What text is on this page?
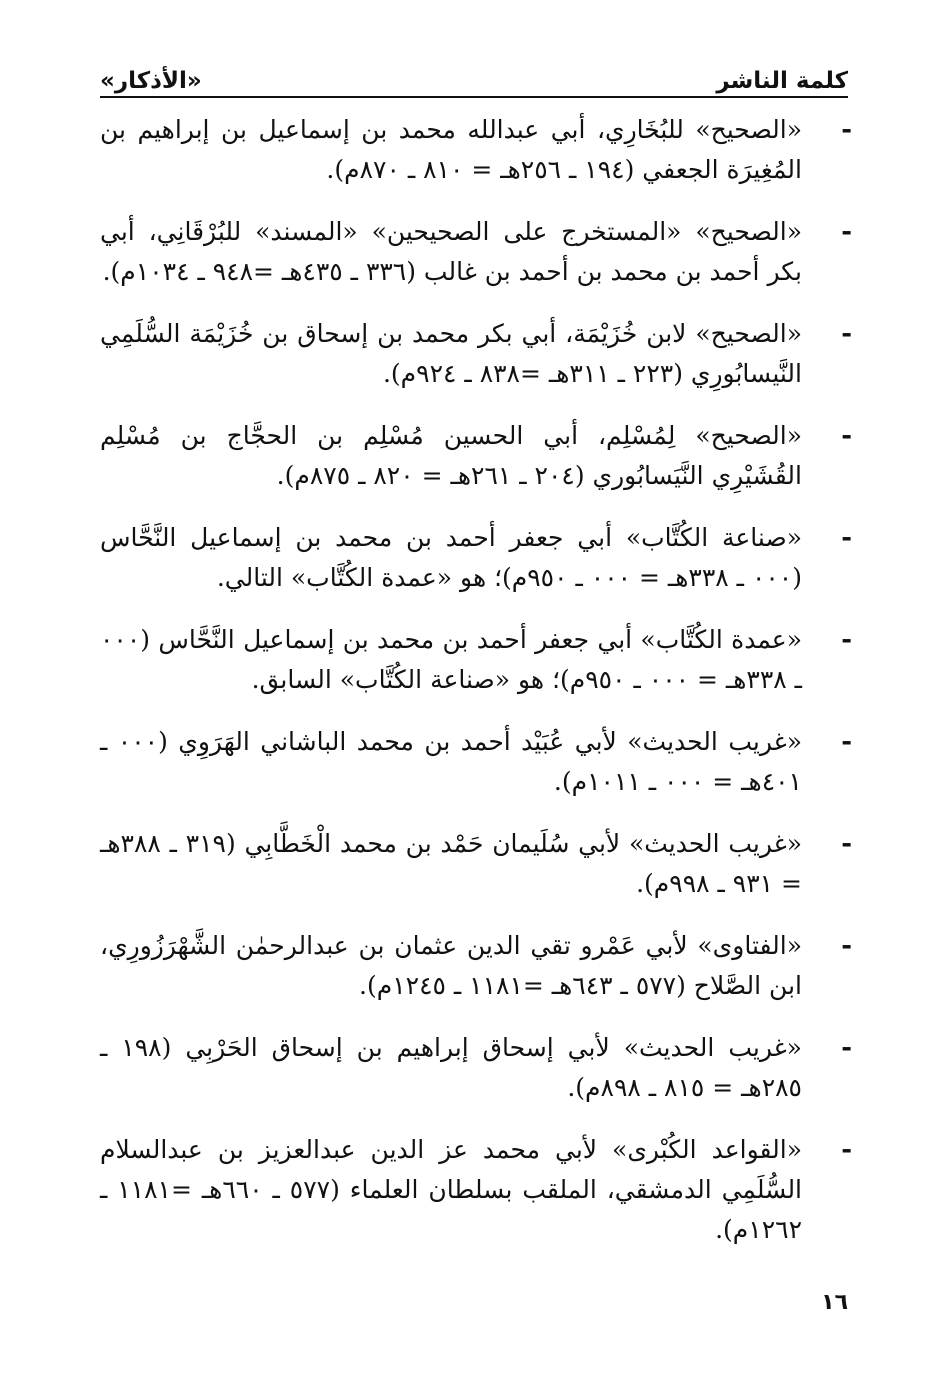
كلمة الناشر
«الأذكار»
-
«الصحيح» للبُخَارِي، أبي عبدالله محمد بن إسماعيل بن إبراهيم بن المُغِيرَة الجعفي (١٩٤ ـ ٢٥٦هـ = ٨١٠ ـ ٨٧٠م).
-
«الصحيح» «المستخرج على الصحيحين» «المسند» للبُرْقَانِي، أبي بكر أحمد بن محمد بن أحمد بن غالب (٣٣٦ ـ ٤٣٥هـ =٩٤٨ ـ ١٠٣٤م).
-
«الصحيح» لابن خُزَيْمَة، أبي بكر محمد بن إسحاق بن خُزَيْمَة السُّلَمِي النَّيسابُورِي (٢٢٣ ـ ٣١١هـ =٨٣٨ ـ ٩٢٤م).
-
«الصحيح» لِمُسْلِم، أبي الحسين مُسْلِم بن الحجَّاج بن مُسْلِم القُشَيْرِي النَّيَسابُوري (٢٠٤ ـ ٢٦١هـ = ٨٢٠ ـ ٨٧٥م).
-
«صناعة الكُتَّاب» أبي جعفر أحمد بن محمد بن إسماعيل النَّحَّاس (٠٠٠ ـ ٣٣٨هـ = ٠٠٠ ـ ٩٥٠م)؛ هو «عمدة الكُتَّاب» التالي.
-
«عمدة الكُتَّاب» أبي جعفر أحمد بن محمد بن إسماعيل النَّحَّاس (٠٠٠ ـ ٣٣٨هـ = ٠٠٠ ـ ٩٥٠م)؛ هو «صناعة الكُتَّاب» السابق.
-
«غريب الحديث» لأبي عُبَيْد أحمد بن محمد الباشاني الهَرَوِي (٠٠٠ ـ ٤٠١هـ = ٠٠٠ ـ ١٠١١م).
-
«غريب الحديث» لأبي سُلَيمان حَمْد بن محمد الْخَطَّابِي (٣١٩ ـ ٣٨٨هـ = ٩٣١ ـ ٩٩٨م).
-
«الفتاوى» لأبي عَمْرو تقي الدين عثمان بن عبدالرحمٰن الشَّهْرَزُورِي، ابن الصَّلاح (٥٧٧ ـ ٦٤٣هـ =١١٨١ ـ ١٢٤٥م).
-
«غريب الحديث» لأبي إسحاق إبراهيم بن إسحاق الحَرْبِي (١٩٨ ـ ٢٨٥هـ = ٨١٥ ـ ٨٩٨م).
-
«القواعد الكُبْرى» لأبي محمد عز الدين عبدالعزيز بن عبدالسلام السُّلَمِي الدمشقي، الملقب بسلطان العلماء (٥٧٧ ـ ٦٦٠هـ =١١٨١ ـ ١٢٦٢م).
١٦
